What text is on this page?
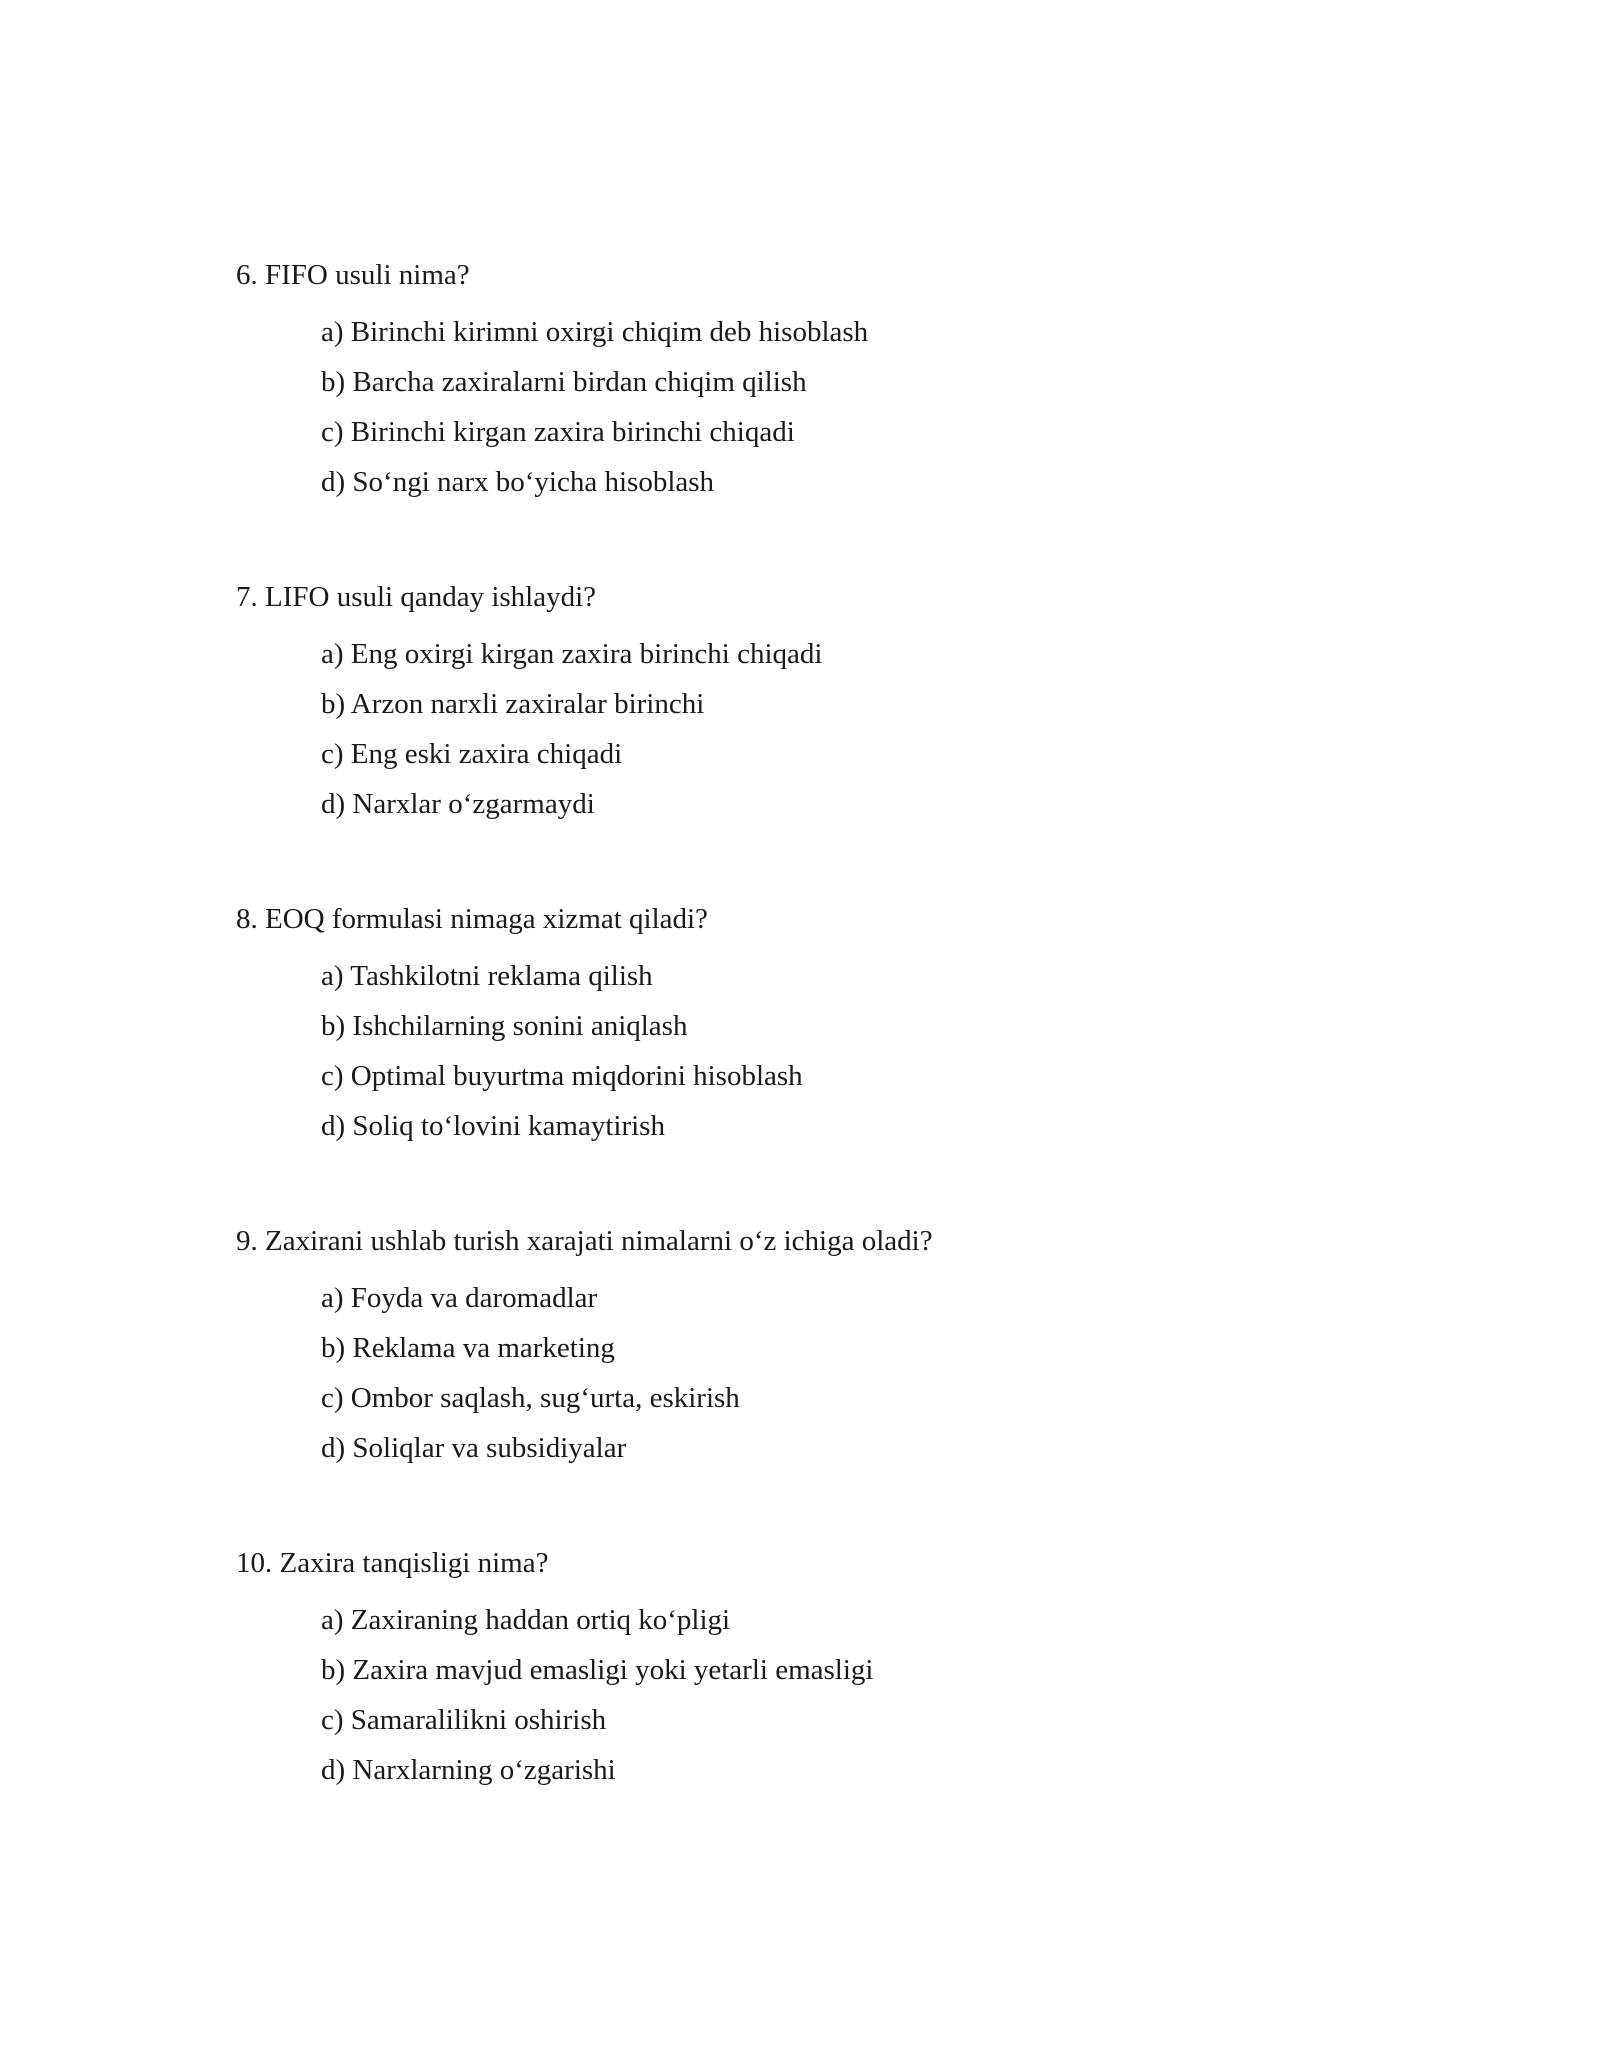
6. FIFO usuli nima?

a) Birinchi kirimni oxirgi chiqim deb hisoblash
b) Barcha zaxiralarni birdan chiqim qilish
c) Birinchi kirgan zaxira birinchi chiqadi
d) So‘ngi narx bo‘yicha hisoblash

7. LIFO usuli qanday ishlaydi?

a) Eng oxirgi kirgan zaxira birinchi chiqadi
b) Arzon narxli zaxiralar birinchi
c) Eng eski zaxira chiqadi
d) Narxlar o‘zgarmaydi

8. EOQ formulasi nimaga xizmat qiladi?

a) Tashkilotni reklama qilish
b) Ishchilarning sonini aniqlash
c) Optimal buyurtma miqdorini hisoblash
d) Soliq to‘lovini kamaytirish

9. Zaxirani ushlab turish xarajati nimalarni o‘z ichiga oladi?

a) Foyda va daromadlar
b) Reklama va marketing
c) Ombor saqlash, sug‘urta, eskirish
d) Soliqlar va subsidiyalar

10. Zaxira tanqisligi nima?

a) Zaxiraning haddan ortiq ko‘pligi
b) Zaxira mavjud emasligi yoki yetarli emasligi
c) Samaralilikni oshirish
d) Narxlarning o‘zgarishi
